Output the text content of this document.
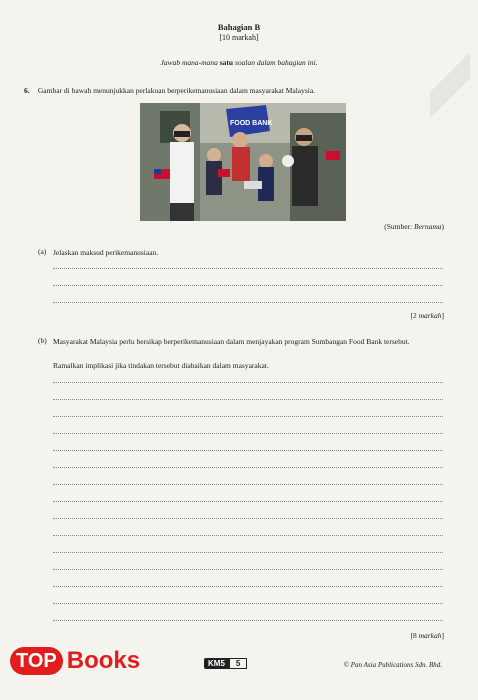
Bahagian B
[10 markah]
Jawab mana-mana satu soalan dalam bahagian ini.
6. Gambar di bawah menunjukkan perlakuan berperikemanusiaan dalam masyarakat Malaysia.
FOOD BANK
(Sumber: Bernama)
(a) Jelaskan maksud perikemanusiaan.
[2 markah]
(b) Masyarakat Malaysia perlu bersikap berperikemanusiaan dalam menjayakan program Sumbangan Food Bank tersebut.
Ramalkan implikasi jika tindakan tersebut diabaikan dalam masyarakat.
[8 markah]
TOP Books	KM5	5	© Pan Asia Publications Sdn. Bhd.
